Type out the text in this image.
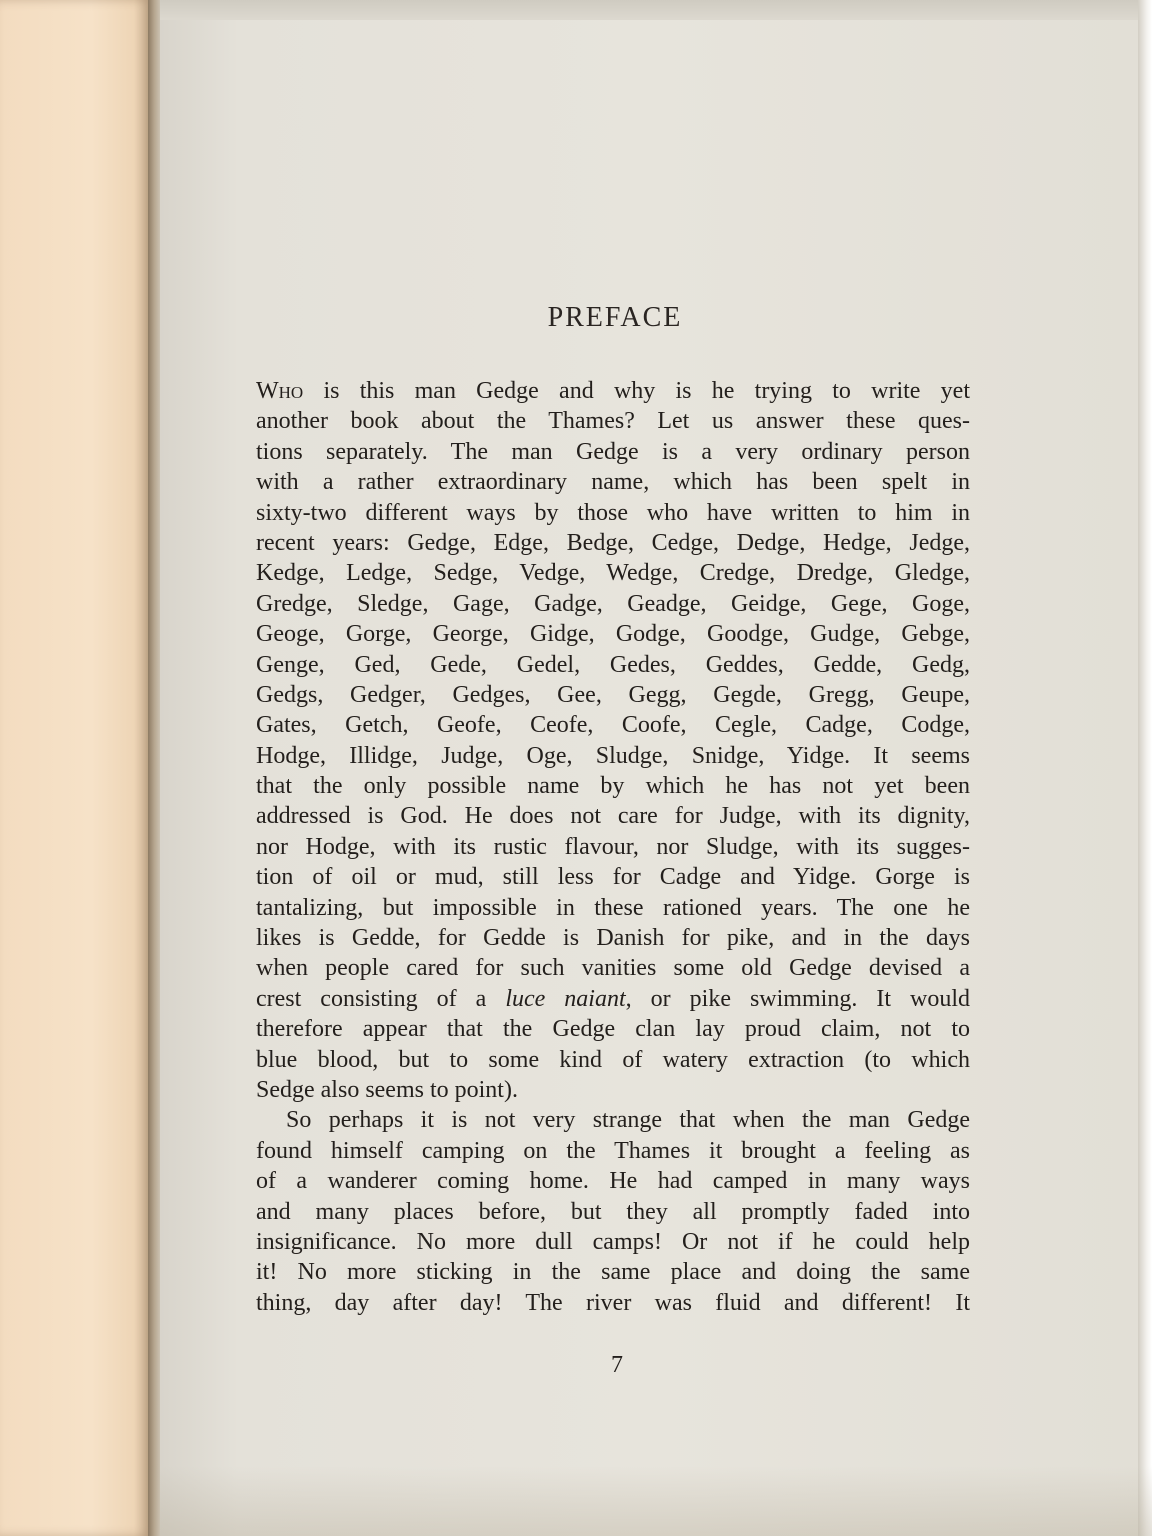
PREFACE
Who is this man Gedge and why is he trying to write yet
another book about the Thames? Let us answer these ques-
tions separately. The man Gedge is a very ordinary person
with a rather extraordinary name, which has been spelt in
sixty-two different ways by those who have written to him in
recent years: Gedge, Edge, Bedge, Cedge, Dedge, Hedge, Jedge,
Kedge, Ledge, Sedge, Vedge, Wedge, Credge, Dredge, Gledge,
Gredge, Sledge, Gage, Gadge, Geadge, Geidge, Gege, Goge,
Geoge, Gorge, George, Gidge, Godge, Goodge, Gudge, Gebge,
Genge, Ged, Gede, Gedel, Gedes, Geddes, Gedde, Gedg,
Gedgs, Gedger, Gedges, Gee, Gegg, Gegde, Gregg, Geupe,
Gates, Getch, Geofe, Ceofe, Coofe, Cegle, Cadge, Codge,
Hodge, Illidge, Judge, Oge, Sludge, Snidge, Yidge. It seems
that the only possible name by which he has not yet been
addressed is God. He does not care for Judge, with its dignity,
nor Hodge, with its rustic flavour, nor Sludge, with its sugges-
tion of oil or mud, still less for Cadge and Yidge. Gorge is
tantalizing, but impossible in these rationed years. The one he
likes is Gedde, for Gedde is Danish for pike, and in the days
when people cared for such vanities some old Gedge devised a
crest consisting of a luce naiant, or pike swimming. It would
therefore appear that the Gedge clan lay proud claim, not to
blue blood, but to some kind of watery extraction (to which
Sedge also seems to point).
So perhaps it is not very strange that when the man Gedge
found himself camping on the Thames it brought a feeling as
of a wanderer coming home. He had camped in many ways
and many places before, but they all promptly faded into
insignificance. No more dull camps! Or not if he could help
it! No more sticking in the same place and doing the same
thing, day after day! The river was fluid and different! It
7
